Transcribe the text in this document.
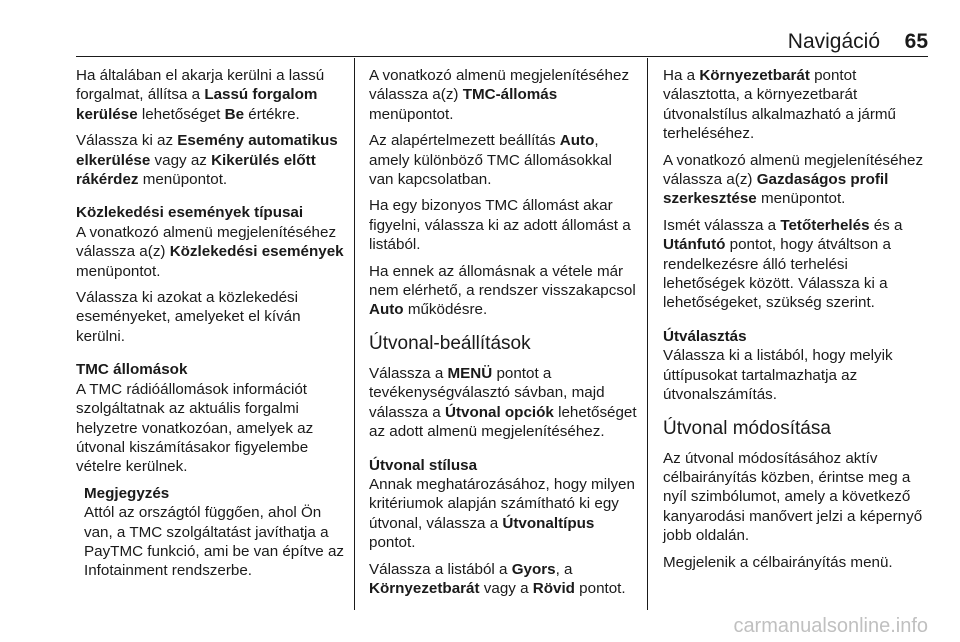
Navigáció 65

Ha általában el akarja kerülni a lassú forgalmat, állítsa a Lassú forgalom kerülése lehetőséget Be értékre.

Válassza ki az Esemény automatikus elkerülése vagy az Kikerülés előtt rákérdez menüpontot.

Közlekedési események típusai

A vonatkozó almenü megjelenítéséhez válassza a(z) Közlekedési események menüpontot.

Válassza ki azokat a közlekedési eseményeket, amelyeket el kíván kerülni.

TMC állomások

A TMC rádióállomások információt szolgáltatnak az aktuális forgalmi helyzetre vonatkozóan, amelyek az útvonal kiszámításakor figyelembe vételre kerülnek.

Megjegyzés

Attól az országtól függően, ahol Ön van, a TMC szolgáltatást javíthatja a PayTMC funkció, ami be van építve az Infotainment rendszerbe.

A vonatkozó almenü megjelenítéséhez válassza a(z) TMC-állomás menüpontot.

Az alapértelmezett beállítás Auto, amely különböző TMC állomásokkal van kapcsolatban.

Ha egy bizonyos TMC állomást akar figyelni, válassza ki az adott állomást a listából.

Ha ennek az állomásnak a vétele már nem elérhető, a rendszer visszakapcsol Auto működésre.

Útvonal-beállítások

Válassza a MENÜ pontot a tevékenységválasztó sávban, majd válassza a Útvonal opciók lehetőséget az adott almenü megjelenítéséhez.

Útvonal stílusa

Annak meghatározásához, hogy milyen kritériumok alapján számítható ki egy útvonal, válassza a Útvonaltípus pontot.

Válassza a listából a Gyors, a Környezetbarát vagy a Rövid pontot.

Ha a Környezetbarát pontot választotta, a környezetbarát útvonalstílus alkalmazható a jármű terheléséhez.

A vonatkozó almenü megjelenítéséhez válassza a(z) Gazdaságos profil szerkesztése menüpontot.

Ismét válassza a Tetőterhelés és a Utánfutó pontot, hogy átváltson a rendelkezésre álló terhelési lehetőségek között. Válassza ki a lehetőségeket, szükség szerint.

Útválasztás

Válassza ki a listából, hogy melyik úttípusokat tartalmazhatja az útvonalszámítás.

Útvonal módosítása

Az útvonal módosításához aktív célbairányítás közben, érintse meg a nyíl szimbólumot, amely a következő kanyarodási manővert jelzi a képernyő jobb oldalán.

Megjelenik a célbairányítás menü.

carmanualsonline.info
